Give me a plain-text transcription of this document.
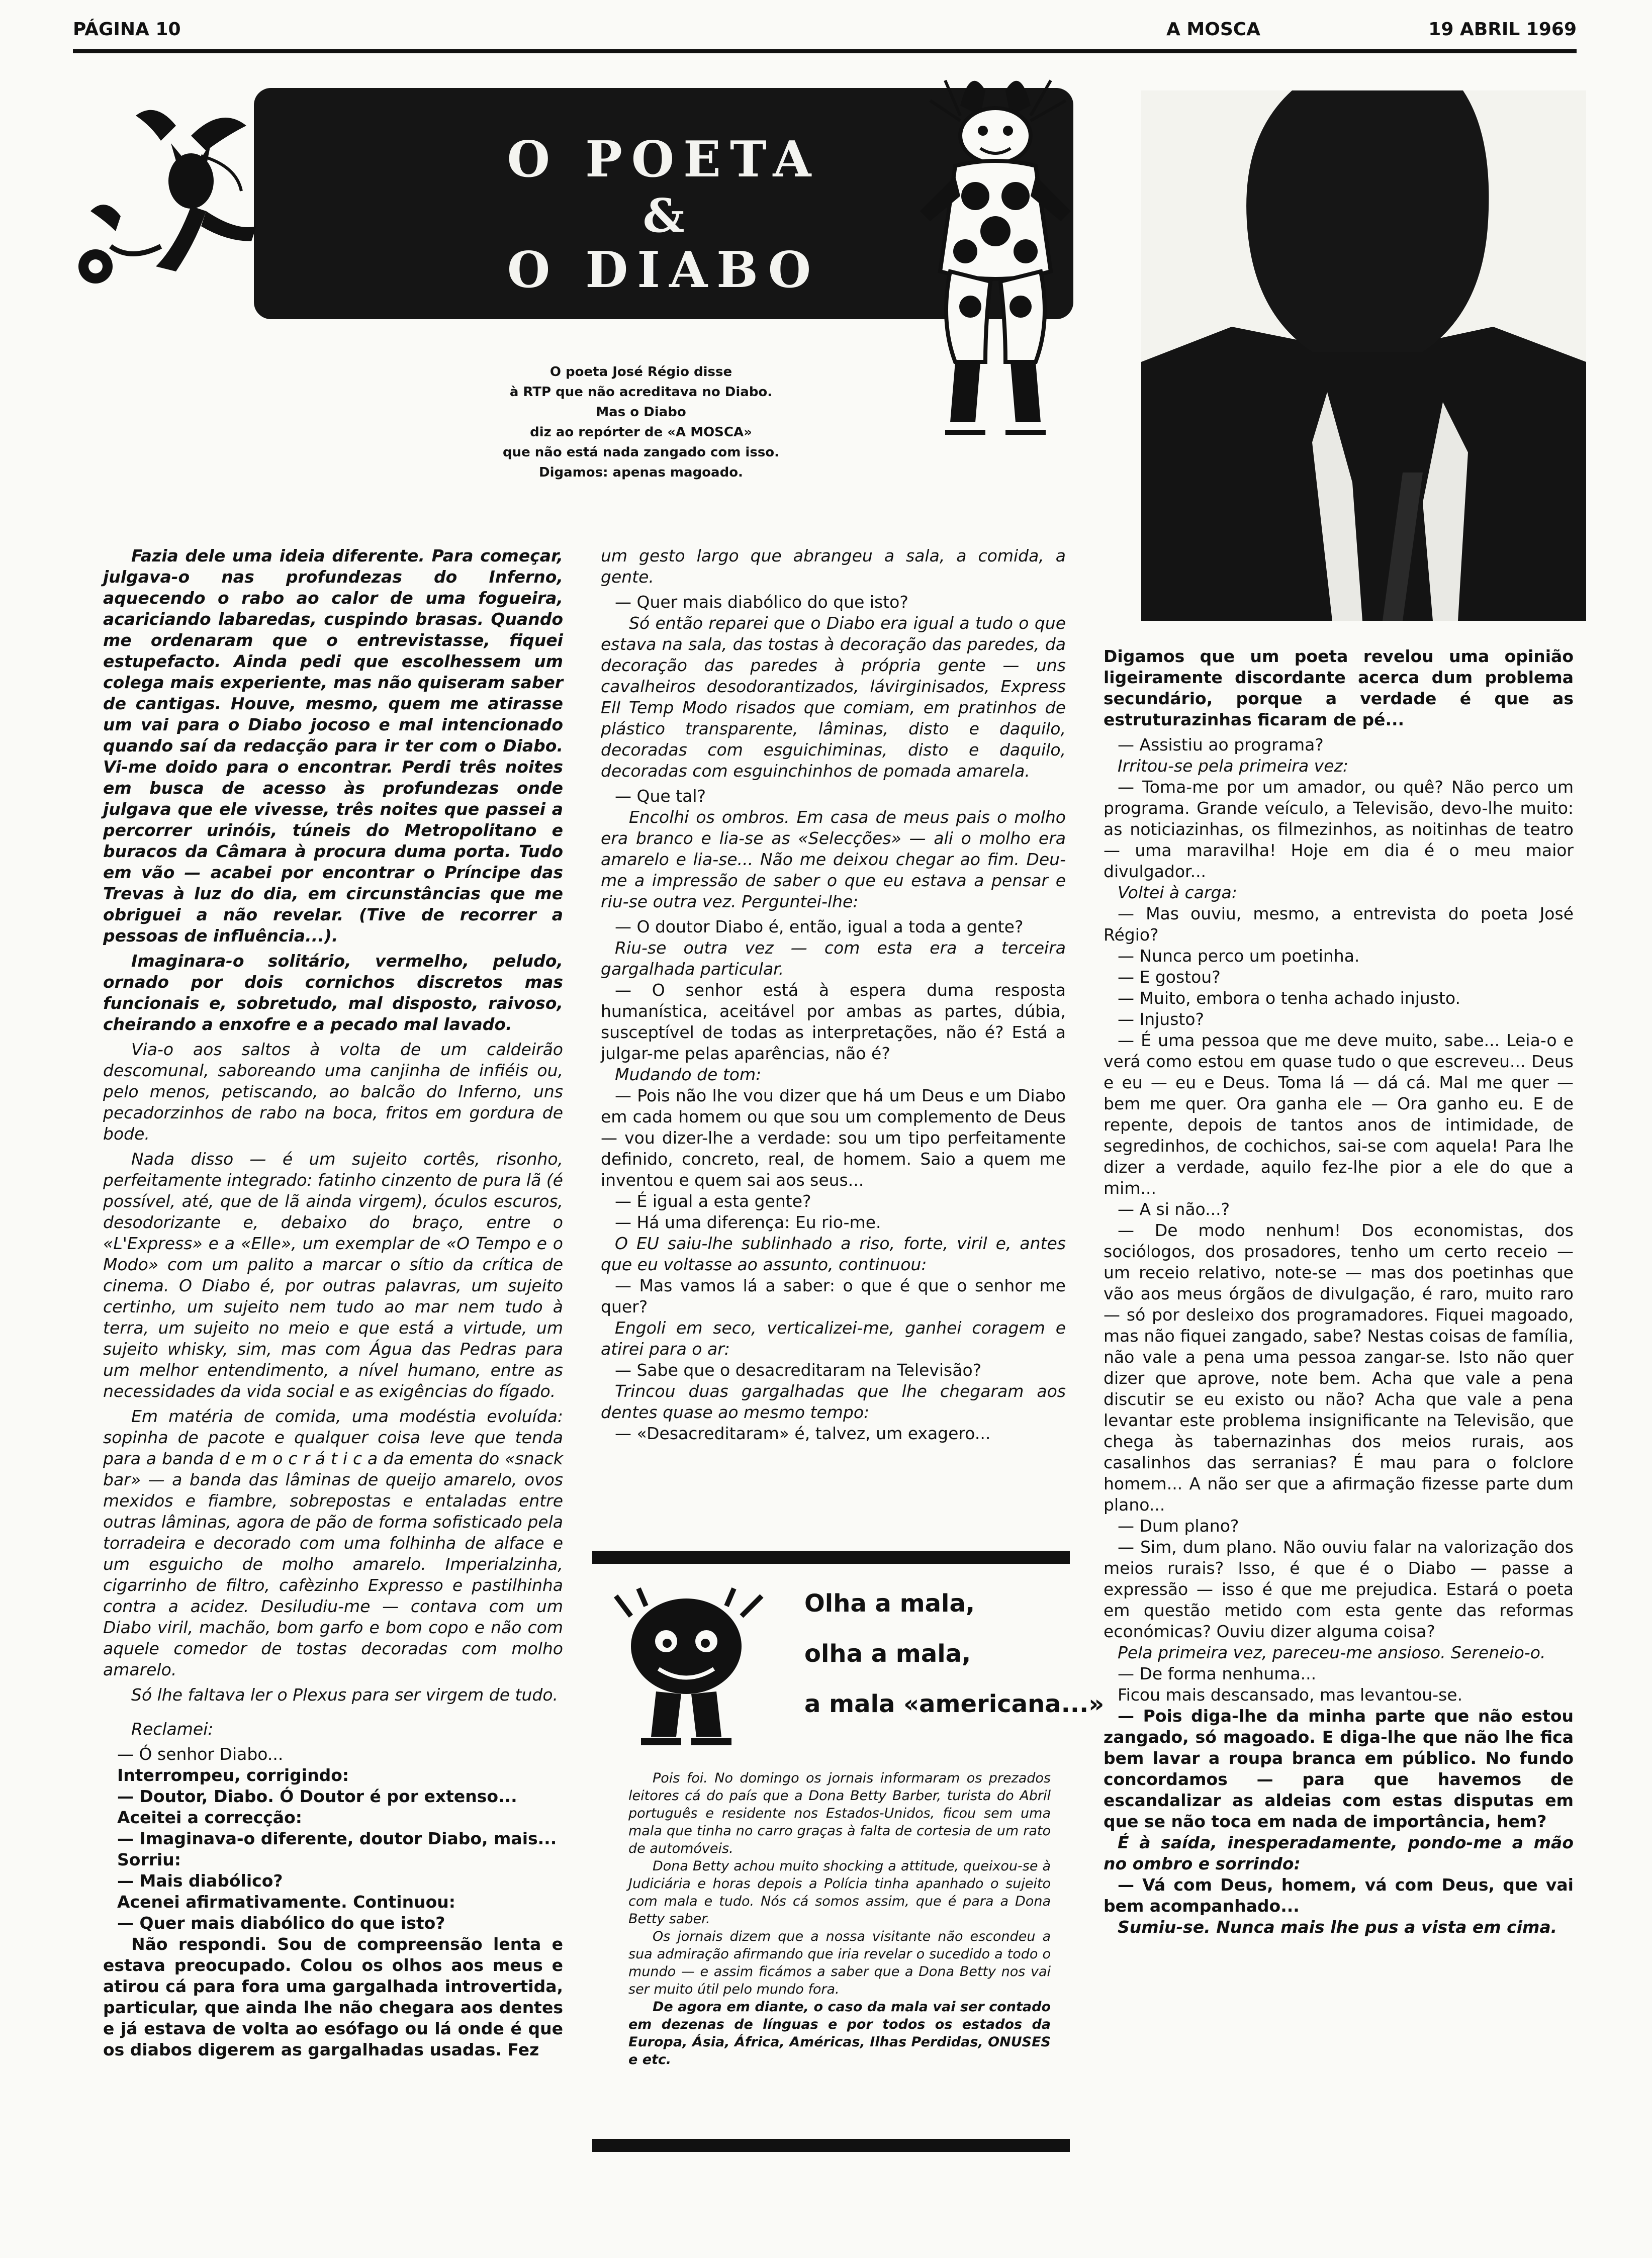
PÁGINA 10	A MOSCA	19 ABRIL 1969
O POETA
&
O DIABO
O poeta José Régio disse
à RTP que não acreditava no Diabo.
Mas o Diabo
diz ao repórter de «A MOSCA»
que não está nada zangado com isso.
Digamos: apenas magoado.

Fazia dele uma ideia diferente. Para começar, julgava-o nas profundezas do Inferno, aquecendo o rabo ao calor de uma fogueira, acariciando labaredas, cuspindo brasas. Quando me ordenaram que o entrevistasse, fiquei estupefacto. Ainda pedi que escolhessem um colega mais experiente, mas não quiseram saber de cantigas. Houve, mesmo, quem me atirasse um vai para o Diabo jocoso e mal intencionado quando saí da redacção para ir ter com o Diabo. Vi-me doido para o encontrar. Perdi três noites em busca de acesso às profundezas onde julgava que ele vivesse, três noites que passei a percorrer urinóis, túneis do Metropolitano e buracos da Câmara à procura duma porta. Tudo em vão — acabei por encontrar o Príncipe das Trevas à luz do dia, em circunstâncias que me obriguei a não revelar. (Tive de recorrer a pessoas de influência...).

Imaginara-o solitário, vermelho, peludo, ornado por dois cornichos discretos mas funcionais e, sobretudo, mal disposto, raivoso, cheirando a enxofre e a pecado mal lavado.

Via-o aos saltos à volta de um caldeirão descomunal, saboreando uma canjinha de infiéis ou, pelo menos, petiscando, ao balcão do Inferno, uns pecadorzinhos de rabo na boca, fritos em gordura de bode.

Nada disso — é um sujeito cortês, risonho, perfeitamente integrado: fatinho cinzento de pura lã (é possível, até, que de lã ainda virgem), óculos escuros, desodorizante e, debaixo do braço, entre o «L'Express» e a «Elle», um exemplar de «O Tempo e o Modo» com um palito a marcar o sítio da crítica de cinema. O Diabo é, por outras palavras, um sujeito certinho, um sujeito nem tudo ao mar nem tudo à terra, um sujeito no meio e que está a virtude, um sujeito whisky, sim, mas com Água das Pedras para um melhor entendimento, a nível humano, entre as necessidades da vida social e as exigências do fígado.

Em matéria de comida, uma modéstia evoluída: sopinha de pacote e qualquer coisa leve que tenda para a banda d e m o c r á t i c a da ementa do «snack bar» — a banda das lâminas de queijo amarelo, ovos mexidos e fiambre, sobrepostas e entaladas entre outras lâminas, agora de pão de forma sofisticado pela torradeira e decorado com uma folhinha de alface e um esguicho de molho amarelo. Imperialzinha, cigarrinho de filtro, cafèzinho Expresso e pastilhinha contra a acidez. Desiludiu-me — contava com um Diabo viril, machão, bom garfo e bom copo e não com aquele comedor de tostas decoradas com molho amarelo.

Só lhe faltava ler o Plexus para ser virgem de tudo.

Reclamei:

— Ó senhor Diabo...

Interrompeu, corrigindo:

— Doutor, Diabo. Ó Doutor é por extenso...

Aceitei a correcção:

— Imaginava-o diferente, doutor Diabo, mais...

Sorriu:

— Mais diabólico?

Acenei afirmativamente. Continuou:

— Quer mais diabólico do que isto?

Não respondi. Sou de compreensão lenta e estava preocupado. Colou os olhos aos meus e atirou cá para fora uma gargalhada introvertida, particular, que ainda lhe não chegara aos dentes e já estava de volta ao esófago ou lá onde é que os diabos digerem as gargalhadas usadas. Fez

um gesto largo que abrangeu a sala, a comida, a gente.

— Quer mais diabólico do que isto?

Só então reparei que o Diabo era igual a tudo o que estava na sala, das tostas à decoração das paredes, da decoração das paredes à própria gente — uns cavalheiros desodorantizados, lávirginisados, Express Ell Temp Modo risados que comiam, em pratinhos de plástico transparente, lâminas, disto e daquilo, decoradas com esguichiminas, disto e daquilo, decoradas com esguinchinhos de pomada amarela.

— Que tal?

Encolhi os ombros. Em casa de meus pais o molho era branco e lia-se as «Selecções» — ali o molho era amarelo e lia-se... Não me deixou chegar ao fim. Deu-me a impressão de saber o que eu estava a pensar e riu-se outra vez. Perguntei-lhe:

— O doutor Diabo é, então, igual a toda a gente?

Riu-se outra vez — com esta era a terceira gargalhada particular.

— O senhor está à espera duma resposta humanística, aceitável por ambas as partes, dúbia, susceptível de todas as interpretações, não é? Está a julgar-me pelas aparências, não é?

Mudando de tom:

— Pois não lhe vou dizer que há um Deus e um Diabo em cada homem ou que sou um complemento de Deus — vou dizer-lhe a verdade: sou um tipo perfeitamente definido, concreto, real, de homem. Saio a quem me inventou e quem sai aos seus...

— É igual a esta gente?

— Há uma diferença: Eu rio-me.

O EU saiu-lhe sublinhado a riso, forte, viril e, antes que eu voltasse ao assunto, continuou:

— Mas vamos lá a saber: o que é que o senhor me quer?

Engoli em seco, verticalizei-me, ganhei coragem e atirei para o ar:

— Sabe que o desacreditaram na Televisão?

Trincou duas gargalhadas que lhe chegaram aos dentes quase ao mesmo tempo:

— «Desacreditaram» é, talvez, um exagero...

Digamos que um poeta revelou uma opinião ligeiramente discordante acerca dum problema secundário, porque a verdade é que as estruturazinhas ficaram de pé...

— Assistiu ao programa?

Irritou-se pela primeira vez:

— Toma-me por um amador, ou quê? Não perco um programa. Grande veículo, a Televisão, devo-lhe muito: as noticiazinhas, os filmezinhos, as noitinhas de teatro — uma maravilha! Hoje em dia é o meu maior divulgador...

Voltei à carga:

— Mas ouviu, mesmo, a entrevista do poeta José Régio?

— Nunca perco um poetinha.

— E gostou?

— Muito, embora o tenha achado injusto.

— Injusto?

— É uma pessoa que me deve muito, sabe... Leia-o e verá como estou em quase tudo o que escreveu... Deus e eu — eu e Deus. Toma lá — dá cá. Mal me quer — bem me quer. Ora ganha ele — Ora ganho eu. E de repente, depois de tantos anos de intimidade, de segredinhos, de cochichos, sai-se com aquela! Para lhe dizer a verdade, aquilo fez-lhe pior a ele do que a mim...

— A si não...?

— De modo nenhum! Dos economistas, dos sociólogos, dos prosadores, tenho um certo receio — um receio relativo, note-se — mas dos poetinhas que vão aos meus órgãos de divulgação, é raro, muito raro — só por desleixo dos programadores. Fiquei magoado, mas não fiquei zangado, sabe? Nestas coisas de família, não vale a pena uma pessoa zangar-se. Isto não quer dizer que aprove, note bem. Acha que vale a pena discutir se eu existo ou não? Acha que vale a pena levantar este problema insignificante na Televisão, que chega às tabernazinhas dos meios rurais, aos casalinhos das serranias? É mau para o folclore homem... A não ser que a afirmação fizesse parte dum plano...

— Dum plano?

— Sim, dum plano. Não ouviu falar na valorização dos meios rurais? Isso, é que é o Diabo — passe a expressão — isso é que me prejudica. Estará o poeta em questão metido com esta gente das reformas económicas? Ouviu dizer alguma coisa?

Pela primeira vez, pareceu-me ansioso. Sereneio-o.

— De forma nenhuma...

Ficou mais descansado, mas levantou-se.

— Pois diga-lhe da minha parte que não estou zangado, só magoado. E diga-lhe que não lhe fica bem lavar a roupa branca em público. No fundo concordamos — para que havemos de escandalizar as aldeias com estas disputas em que se não toca em nada de importância, hem?

É à saída, inesperadamente, pondo-me a mão no ombro e sorrindo:

— Vá com Deus, homem, vá com Deus, que vai bem acompanhado...

Sumiu-se. Nunca mais lhe pus a vista em cima.

Olha a mala,
olha a mala,
a mala «americana...»

Pois foi. No domingo os jornais informaram os prezados leitores cá do país que a Dona Betty Barber, turista do Abril português e residente nos Estados-Unidos, ficou sem uma mala que tinha no carro graças à falta de cortesia de um rato de automóveis.

Dona Betty achou muito shocking a attitude, queixou-se à Judiciária e horas depois a Polícia tinha apanhado o sujeito com mala e tudo. Nós cá somos assim, que é para a Dona Betty saber.

Os jornais dizem que a nossa visitante não escondeu a sua admiração afirmando que iria revelar o sucedido a todo o mundo — e assim ficámos a saber que a Dona Betty nos vai ser muito útil pelo mundo fora.

De agora em diante, o caso da mala vai ser contado em dezenas de línguas e por todos os estados da Europa, Ásia, África, Américas, Ilhas Perdidas, ONUSES e etc.
